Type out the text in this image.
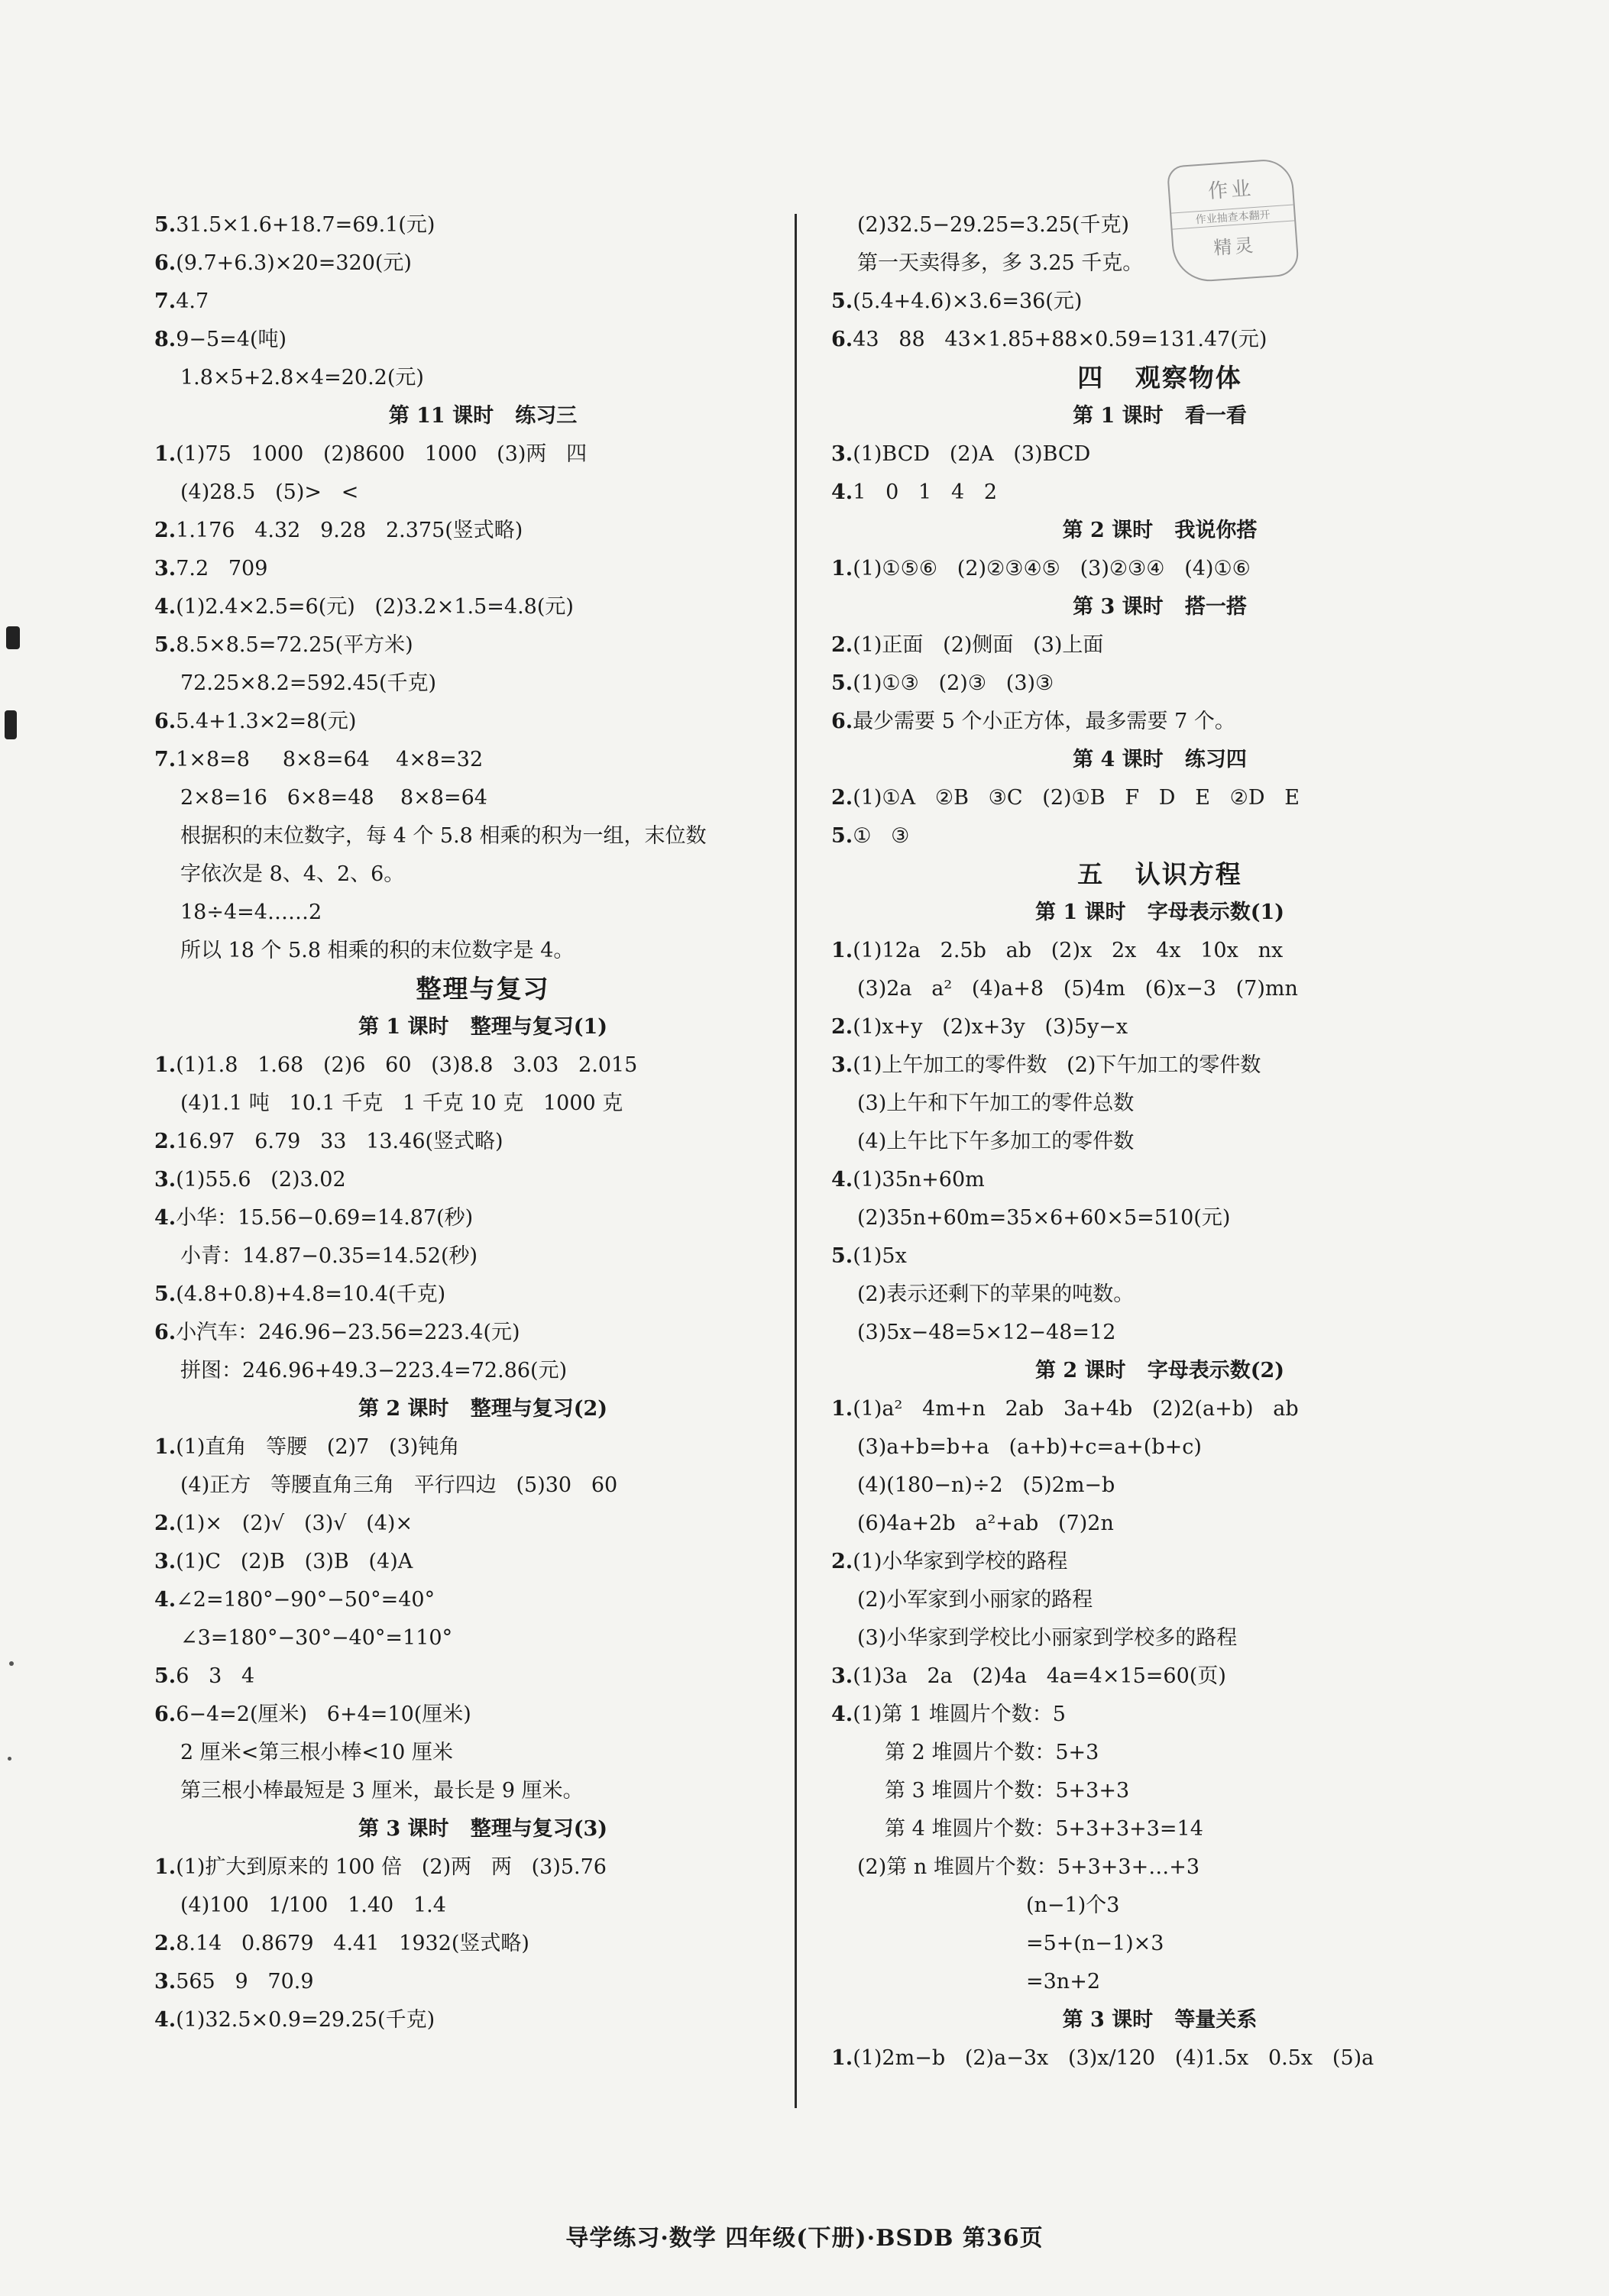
5.31.5×1.6+18.7=69.1(元)
6.(9.7+6.3)×20=320(元)
7.4.7
8.9−5=4(吨)
1.8×5+2.8×4=20.2(元)
第 11 课时   练习三
1.(1)75   1000   (2)8600   1000   (3)两   四
(4)28.5   (5)>   <
2.1.176   4.32   9.28   2.375(竖式略)
3.7.2   709
4.(1)2.4×2.5=6(元)   (2)3.2×1.5=4.8(元)
5.8.5×8.5=72.25(平方米)
72.25×8.2=592.45(千克)
6.5.4+1.3×2=8(元)
7.1×8=8     8×8=64    4×8=32
2×8=16   6×8=48    8×8=64
根据积的末位数字，每 4 个 5.8 相乘的积为一组，末位数
字依次是 8、4、2、6。
18÷4=4……2
所以 18 个 5.8 相乘的积的末位数字是 4。
整理与复习
第 1 课时   整理与复习(1)
1.(1)1.8   1.68   (2)6   60   (3)8.8   3.03   2.015
(4)1.1 吨   10.1 千克   1 千克 10 克   1000 克
2.16.97   6.79   33   13.46(竖式略)
3.(1)55.6   (2)3.02
4.小华：15.56−0.69=14.87(秒)
小青：14.87−0.35=14.52(秒)
5.(4.8+0.8)+4.8=10.4(千克)
6.小汽车：246.96−23.56=223.4(元)
拼图：246.96+49.3−223.4=72.86(元)
第 2 课时   整理与复习(2)
1.(1)直角   等腰   (2)7   (3)钝角
(4)正方   等腰直角三角   平行四边   (5)30   60
2.(1)×   (2)√   (3)√   (4)×
3.(1)C   (2)B   (3)B   (4)A
4.∠2=180°−90°−50°=40°
∠3=180°−30°−40°=110°
5.6   3   4
6.6−4=2(厘米)   6+4=10(厘米)
2 厘米<第三根小棒<10 厘米
第三根小棒最短是 3 厘米，最长是 9 厘米。
第 3 课时   整理与复习(3)
1.(1)扩大到原来的 100 倍   (2)两   两   (3)5.76
(4)100   1/100   1.40   1.4
2.8.14   0.8679   4.41   1932(竖式略)
3.565   9   70.9
4.(1)32.5×0.9=29.25(千克)
(2)32.5−29.25=3.25(千克)
第一天卖得多，多 3.25 千克。
5.(5.4+4.6)×3.6=36(元)
6.43   88   43×1.85+88×0.59=131.47(元)
四   观察物体
第 1 课时   看一看
3.(1)BCD   (2)A   (3)BCD
4.1   0   1   4   2
第 2 课时   我说你搭
1.(1)①⑤⑥   (2)②③④⑤   (3)②③④   (4)①⑥
第 3 课时   搭一搭
2.(1)正面   (2)侧面   (3)上面
5.(1)①③   (2)③   (3)③
6.最少需要 5 个小正方体，最多需要 7 个。
第 4 课时   练习四
2.(1)①A   ②B   ③C   (2)①B   F   D   E   ②D   E
5.①   ③
五   认识方程
第 1 课时   字母表示数(1)
1.(1)12a   2.5b   ab   (2)x   2x   4x   10x   nx
(3)2a   a²   (4)a+8   (5)4m   (6)x−3   (7)mn
2.(1)x+y   (2)x+3y   (3)5y−x
3.(1)上午加工的零件数   (2)下午加工的零件数
(3)上午和下午加工的零件总数
(4)上午比下午多加工的零件数
4.(1)35n+60m
(2)35n+60m=35×6+60×5=510(元)
5.(1)5x
(2)表示还剩下的苹果的吨数。
(3)5x−48=5×12−48=12
第 2 课时   字母表示数(2)
1.(1)a²   4m+n   2ab   3a+4b   (2)2(a+b)   ab
(3)a+b=b+a   (a+b)+c=a+(b+c)
(4)(180−n)÷2   (5)2m−b
(6)4a+2b   a²+ab   (7)2n
2.(1)小华家到学校的路程
(2)小军家到小丽家的路程
(3)小华家到学校比小丽家到学校多的路程
3.(1)3a   2a   (2)4a   4a=4×15=60(页)
4.(1)第 1 堆圆片个数：5
第 2 堆圆片个数：5+3
第 3 堆圆片个数：5+3+3
第 4 堆圆片个数：5+3+3+3=14
(2)第 n 堆圆片个数：5+3+3+…+3
(n−1)个3
=5+(n−1)×3
=3n+2
第 3 课时   等量关系
1.(1)2m−b   (2)a−3x   (3)x/120   (4)1.5x   0.5x   (5)a
作业
作业抽查本翻开
精灵
导学练习·数学 四年级(下册)·BSDB 第36页
